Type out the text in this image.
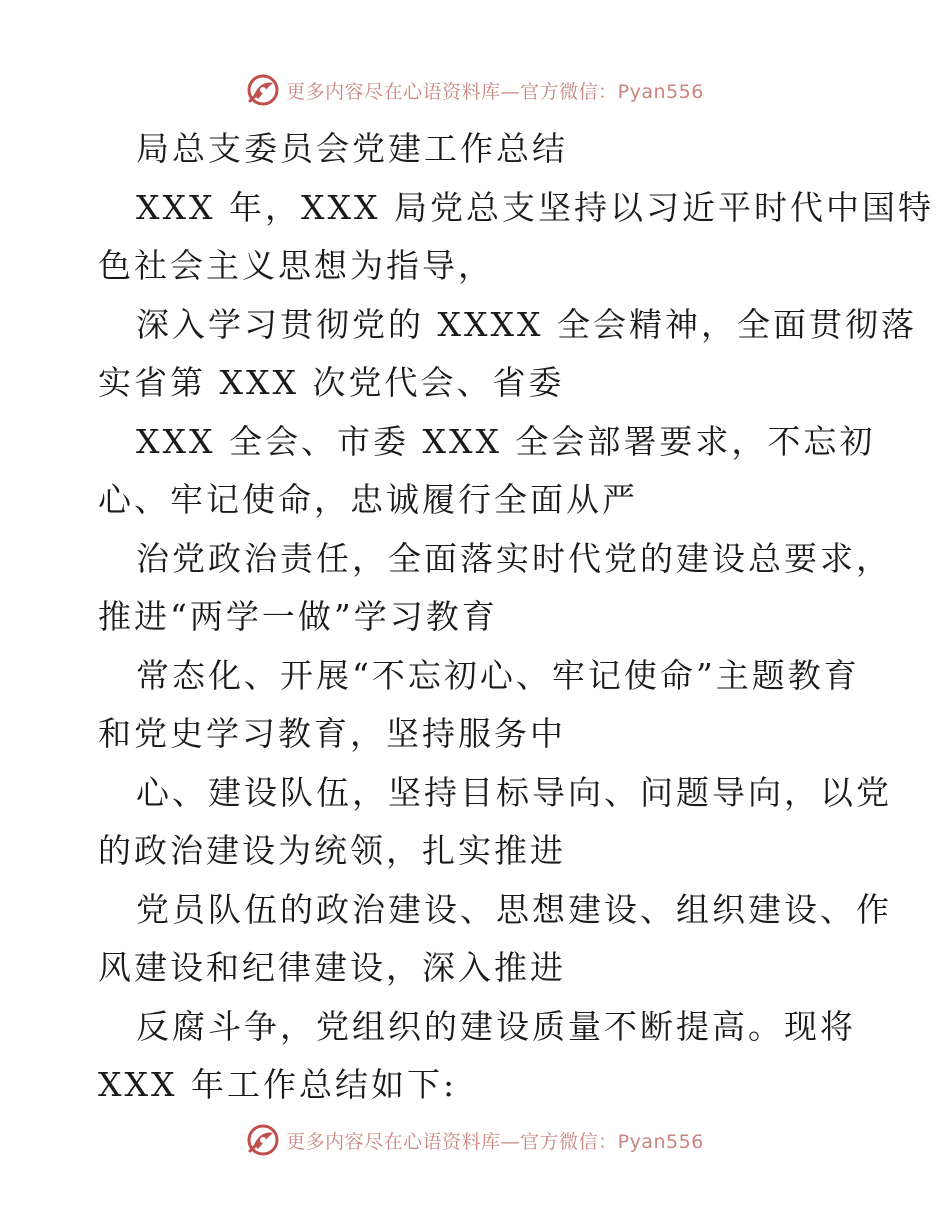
更多内容尽在心语资料库—官方微信：Pyan556
局总支委员会党建工作总结
XXX 年，XXX 局党总支坚持以习近平时代中国特
色社会主义思想为指导，
深入学习贯彻党的 XXXX 全会精神，全面贯彻落
实省第 XXX 次党代会、省委
XXX 全会、市委 XXX 全会部署要求，不忘初
心、牢记使命，忠诚履行全面从严
治党政治责任，全面落实时代党的建设总要求，
推进“两学一做”学习教育
常态化、开展“不忘初心、牢记使命”主题教育
和党史学习教育，坚持服务中
心、建设队伍，坚持目标导向、问题导向，以党
的政治建设为统领，扎实推进
党员队伍的政治建设、思想建设、组织建设、作
风建设和纪律建设，深入推进
反腐斗争，党组织的建设质量不断提高。现将
XXX 年工作总结如下:
更多内容尽在心语资料库—官方微信：Pyan556
